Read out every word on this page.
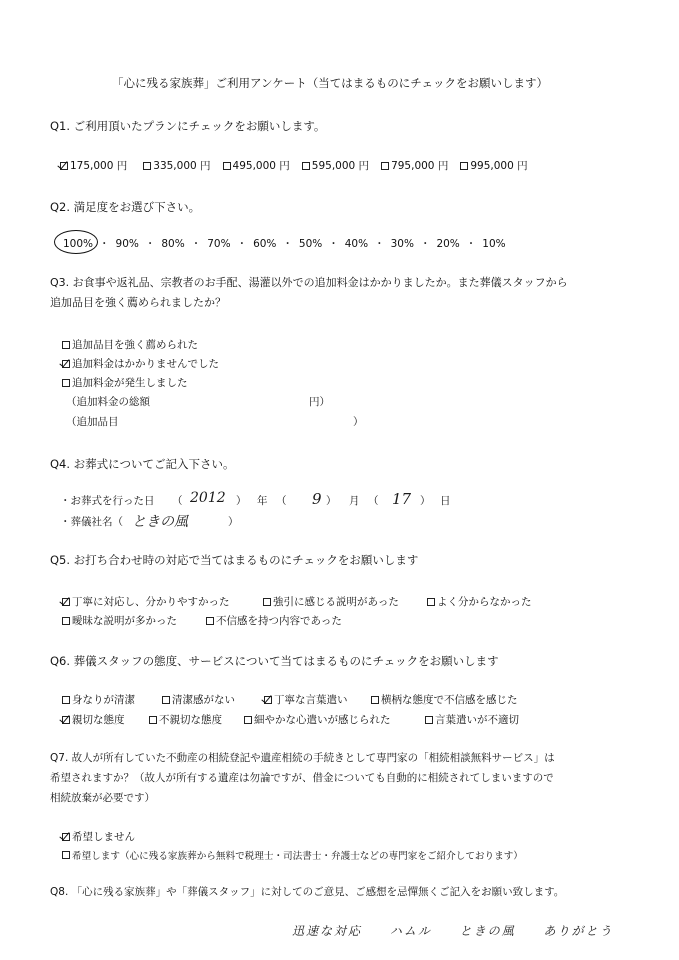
「心に残る家族葬」ご利用アンケート（当てはまるものにチェックをお願いします）
Q1. ご利用頂いたプランにチェックをお願いします。
175,000 円 335,000 円 495,000 円 595,000 円 795,000 円 995,000 円
Q2. 満足度をお選び下さい。
100% ・ 90% ・ 80% ・ 70% ・ 60% ・ 50% ・ 40% ・ 30% ・ 20% ・ 10%
Q3. お食事や返礼品、宗教者のお手配、湯灌以外での追加料金はかかりましたか。また葬儀スタッフから
追加品目を強く薦められましたか？
追加品目を強く薦められた
追加料金はかかりませんでした
追加料金が発生しました
（追加料金の総額	円）
（追加品目	）
Q4. お葬式についてご記入下さい。
・お葬式を行った日 （ 2012 ） 年 （ 9 ） 月 （ 17 ） 日
・葬儀社名（ ときの風	）
Q5. お打ち合わせ時の対応で当てはまるものにチェックをお願いします
丁寧に対応し、分かりやすかった	強引に感じる説明があった	よく分からなかった
曖昧な説明が多かった	不信感を持つ内容であった
Q6. 葬儀スタッフの態度、サービスについて当てはまるものにチェックをお願いします
身なりが清潔	清潔感がない	丁寧な言葉遣い	横柄な態度で不信感を感じた
親切な態度	不親切な態度	細やかな心遣いが感じられた	言葉遣いが不適切
Q7. 故人が所有していた不動産の相続登記や遺産相続の手続きとして専門家の「相続相談無料サービス」は
希望されますか？（故人が所有する遺産は勿論ですが、借金についても自動的に相続されてしまいますので
相続放棄が必要です）
希望しません
希望します（心に残る家族葬から無料で税理士・司法書士・弁護士などの専門家をご紹介しております）
Q8. 「心に残る家族葬」や「葬儀スタッフ」に対してのご意見、ご感想を忌憚無くご記入をお願い致します。
迅速な対応 ハムル ときの風 ありがとう
